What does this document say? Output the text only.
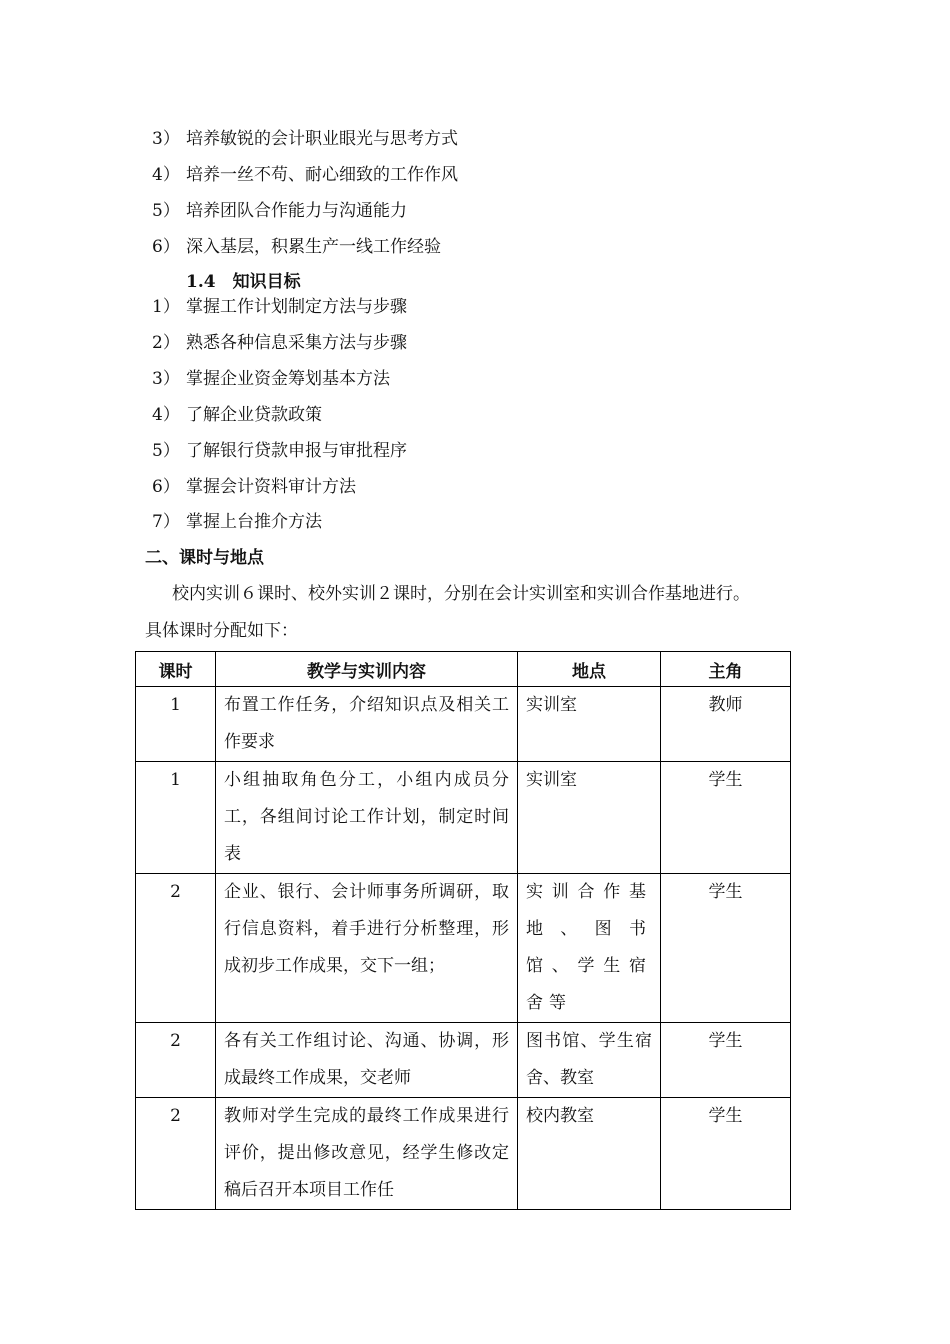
3） 培养敏锐的会计职业眼光与思考方式
4） 培养一丝不苟、耐心细致的工作作风
5） 培养团队合作能力与沟通能力
6） 深入基层，积累生产一线工作经验
1.4　知识目标
1） 掌握工作计划制定方法与步骤
2） 熟悉各种信息采集方法与步骤
3） 掌握企业资金筹划基本方法
4） 了解企业贷款政策
5） 了解银行贷款申报与审批程序
6） 掌握会计资料审计方法
7） 掌握上台推介方法
二、课时与地点
校内实训６课时、校外实训２课时，分别在会计实训室和实训合作基地进行。
具体课时分配如下：
课时	教学与实训内容	地点	主角
1	布置工作任务，介绍知识点及相关工作要求	实训室	教师
1	小组抽取角色分工，小组内成员分工，各组间讨论工作计划，制定时间表	实训室	学生
2	企业、银行、会计师事务所调研，取行信息资料，着手进行分析整理，形成初步工作成果，交下一组；	实训合作基地、图书馆、学生宿舍等	学生
2	各有关工作组讨论、沟通、协调，形成最终工作成果，交老师	图书馆、学生宿舍、教室	学生
2	教师对学生完成的最终工作成果进行评价，提出修改意见，经学生修改定稿后召开本项目工作任	校内教室	学生
